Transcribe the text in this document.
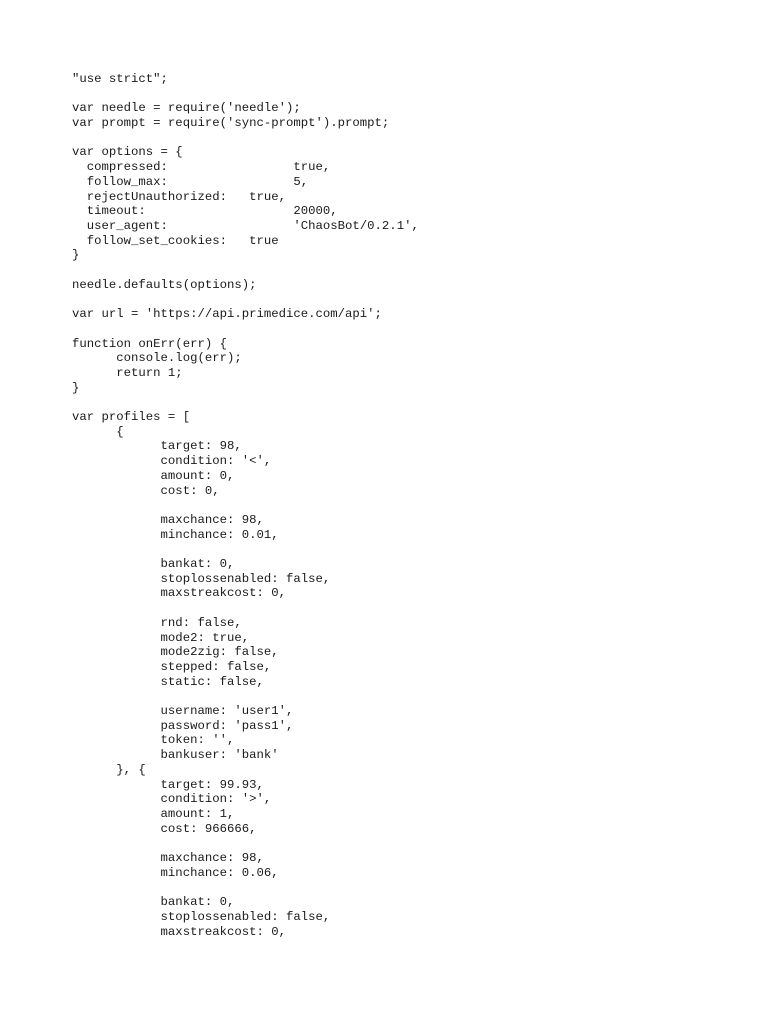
"use strict";
var needle = require('needle');
var prompt = require('sync-prompt').prompt;
var options = {
compressed:                 true,
follow_max:                 5,
rejectUnauthorized:   true,
timeout:                    20000,
user_agent:                 'ChaosBot/0.2.1',
follow_set_cookies:   true
}
needle.defaults(options);
var url = 'https://api.primedice.com/api';
function onErr(err) {
console.log(err);
return 1;
}
var profiles = [
{
target: 98,
condition: '<',
amount: 0,
cost: 0,
maxchance: 98,
minchance: 0.01,
bankat: 0,
stoplossenabled: false,
maxstreakcost: 0,
rnd: false,
mode2: true,
mode2zig: false,
stepped: false,
static: false,
username: 'user1',
password: 'pass1',
token: '',
bankuser: 'bank'
}, {
target: 99.93,
condition: '>',
amount: 1,
cost: 966666,
maxchance: 98,
minchance: 0.06,
bankat: 0,
stoplossenabled: false,
maxstreakcost: 0,
